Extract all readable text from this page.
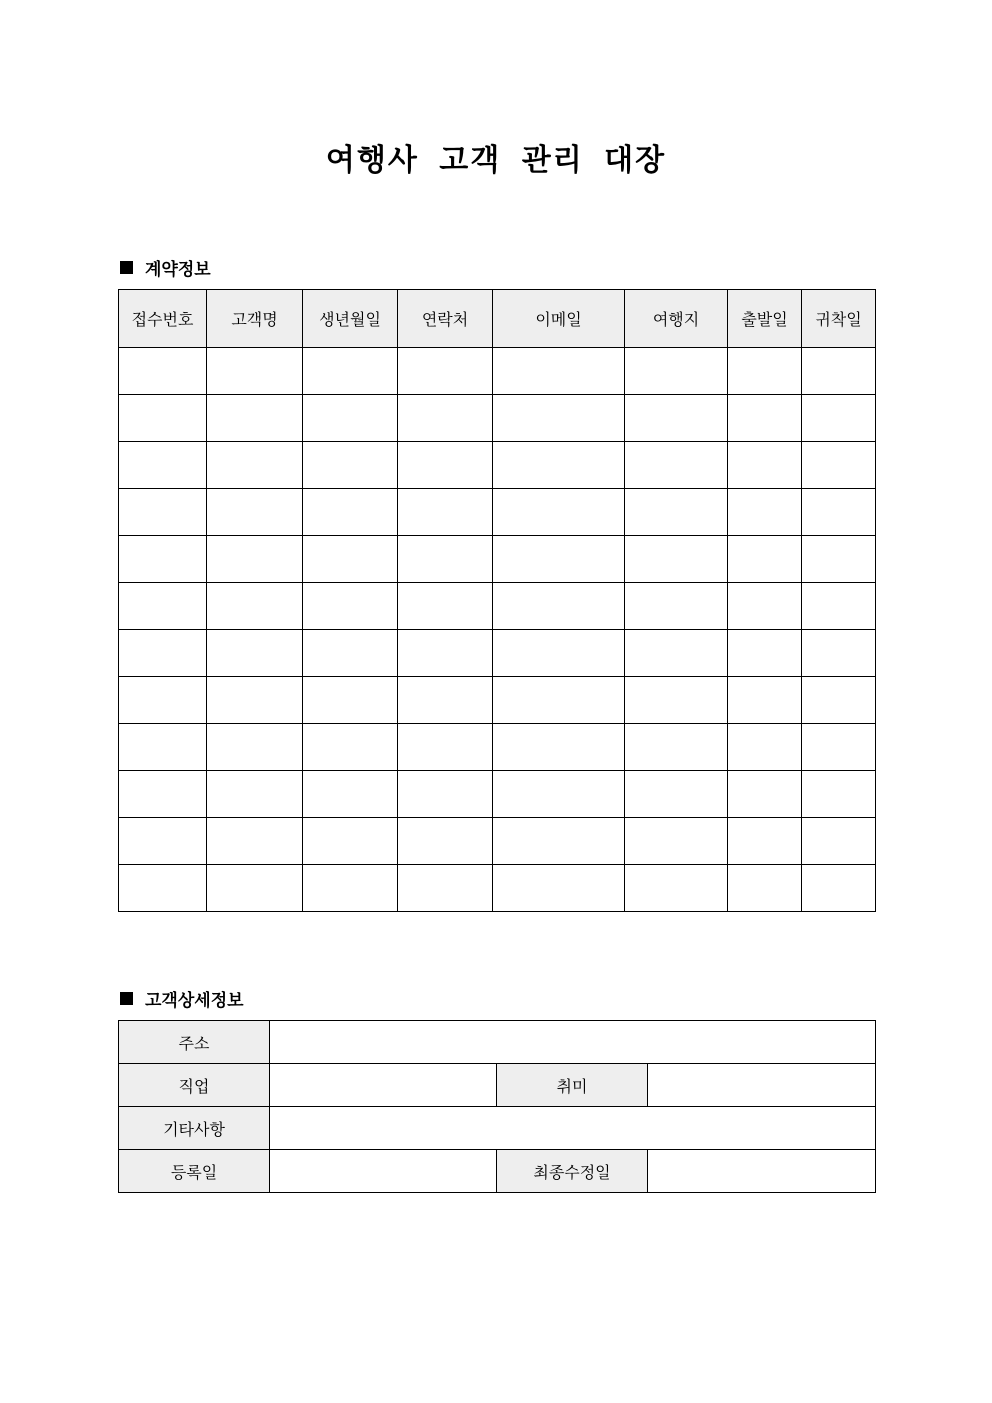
여행사 고객 관리 대장
계약정보
접수번호	고객명	생년월일	연락처	이메일	여행지	출발일	귀착일

고객상세정보
주소			
직업		취미	
기타사항			
등록일		최종수정일	
